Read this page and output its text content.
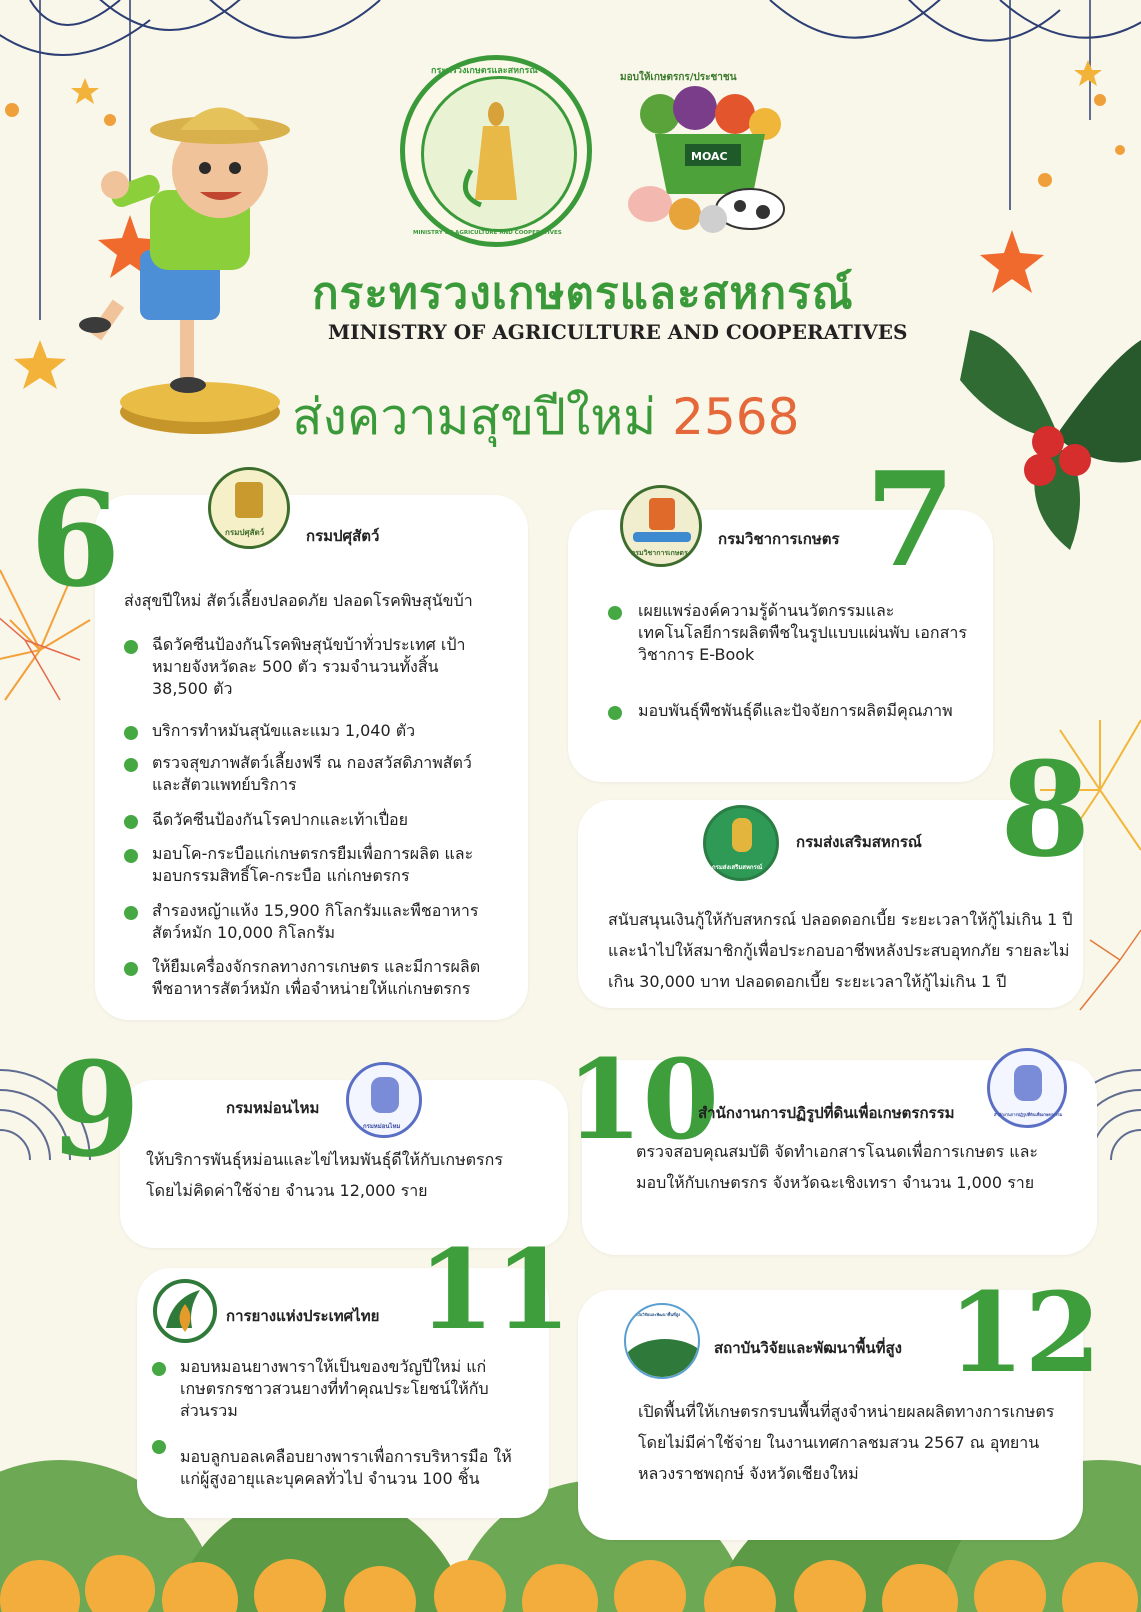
กระทรวงเกษตรและสหกรณ์
MINISTRY OF AGRICULTURE AND COOPERATIVES
มอบให้เกษตรกร/ประชาชน
MOAC
กระทรวงเกษตรและสหกรณ์
MINISTRY OF AGRICULTURE AND COOPERATIVES
ส่งความสุขปีใหม่ 2568
6	กรมปศุสัตว์	กรมปศุสัตว์
ส่งสุขปีใหม่ สัตว์เลี้ยงปลอดภัย ปลอดโรคพิษสุนัขบ้า
ฉีดวัคซีนป้องกันโรคพิษสุนัขบ้าทั่วประเทศ เป้าหมายจังหวัดละ 500 ตัว รวมจำนวนทั้งสิ้น 38,500 ตัว
บริการทำหมันสุนัขและแมว 1,040 ตัว
ตรวจสุขภาพสัตว์เลี้ยงฟรี ณ กองสวัสดิภาพสัตว์และสัตวแพทย์บริการ
ฉีดวัคซีนป้องกันโรคปากและเท้าเปื่อย
มอบโค-กระบือแก่เกษตรกรยืมเพื่อการผลิต และมอบกรรมสิทธิ์โค-กระบือ แก่เกษตรกร
สำรองหญ้าแห้ง 15,900 กิโลกรัมและพืชอาหารสัตว์หมัก 10,000 กิโลกรัม
ให้ยืมเครื่องจักรกลทางการเกษตร และมีการผลิตพืชอาหารสัตว์หมัก เพื่อจำหน่ายให้แก่เกษตรกร
7
กรมวิชาการเกษตร
กรมวิชาการเกษตร
เผยแพร่องค์ความรู้ด้านนวัตกรรมและเทคโนโลยีการผลิตพืชในรูปแบบแผ่นพับ เอกสารวิชาการ E-Book
มอบพันธุ์พืชพันธุ์ดีและปัจจัยการผลิตมีคุณภาพ
8
กรมส่งเสริมสหกรณ์
กรมส่งเสริมสหกรณ์
สนับสนุนเงินกู้ให้กับสหกรณ์ ปลอดดอกเบี้ย ระยะเวลาให้กู้ไม่เกิน 1 ปี และนำไปให้สมาชิกกู้เพื่อประกอบอาชีพหลังประสบอุทกภัย รายละไม่เกิน 30,000 บาท ปลอดดอกเบี้ย ระยะเวลาให้กู้ไม่เกิน 1 ปี
9	กรมหม่อนไหม
กรมหม่อนไหม
ให้บริการพันธุ์หม่อนและไข่ไหมพันธุ์ดีให้กับเกษตรกร โดยไม่คิดค่าใช้จ่าย จำนวน 12,000 ราย
10	สำนักงานการปฏิรูปที่ดินเพื่อเกษตรกรรม
สำนักงานการปฏิรูปที่ดินเพื่อเกษตรกรรม
ตรวจสอบคุณสมบัติ จัดทำเอกสารโฉนดเพื่อการเกษตร และมอบให้กับเกษตรกร จังหวัดฉะเชิงเทรา จำนวน 1,000 ราย
11
การยางแห่งประเทศไทย
มอบหมอนยางพาราให้เป็นของขวัญปีใหม่ แก่เกษตรกรชาวสวนยางที่ทำคุณประโยชน์ให้กับส่วนรวม
มอบลูกบอลเคลือบยางพาราเพื่อการบริหารมือ ให้แก่ผู้สูงอายุและบุคคลทั่วไป จำนวน 100 ชิ้น
12
สถาบันวิจัยและพัฒนาพื้นที่สูง
สถาบันวิจัยและพัฒนาพื้นที่สูง
เปิดพื้นที่ให้เกษตรกรบนพื้นที่สูงจำหน่ายผลผลิตทางการเกษตรโดยไม่มีค่าใช้จ่าย ในงานเทศกาลชมสวน 2567 ณ อุทยานหลวงราชพฤกษ์ จังหวัดเชียงใหม่
